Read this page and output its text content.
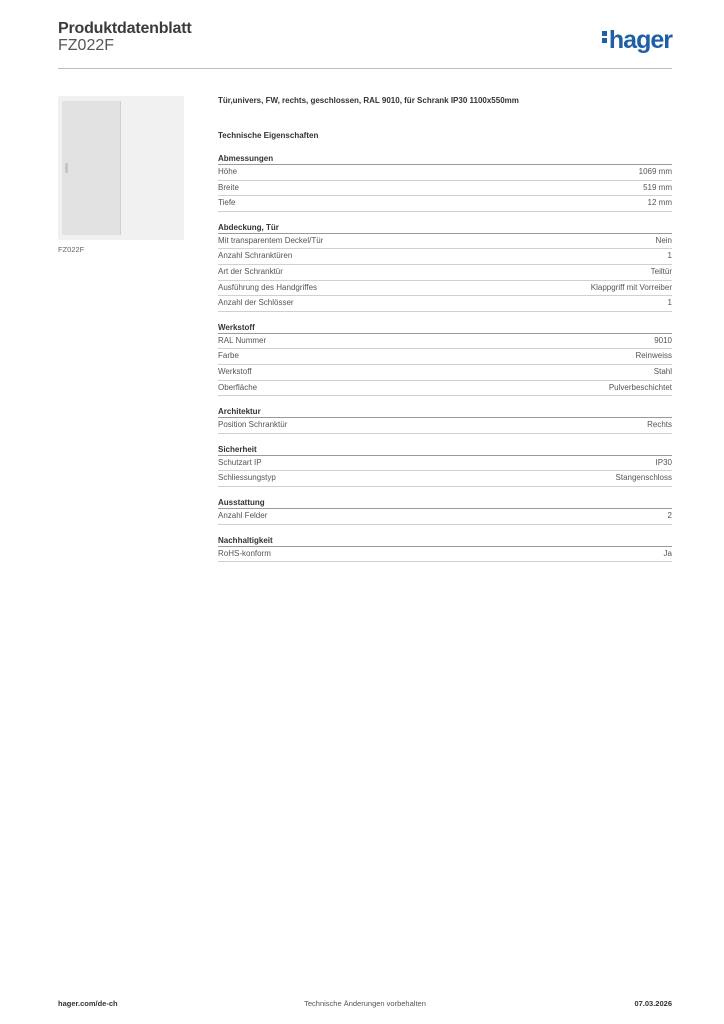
Produktdatenblatt
FZ022F	hager
FZ022F
Tür,univers, FW, rechts, geschlossen, RAL 9010, für Schrank IP30 1100x550mm
Technische Eigenschaften
Abmessungen
Höhe	1069 mm
Breite	519 mm
Tiefe	12 mm
Abdeckung, Tür
Mit transparentem Deckel/Tür	Nein
Anzahl Schranktüren	1
Art der Schranktür	Teiltür
Ausführung des Handgriffes	Klappgriff mit Vorreiber
Anzahl der Schlösser	1
Werkstoff
RAL Nummer	9010
Farbe	Reinweiss
Werkstoff	Stahl
Oberfläche	Pulverbeschichtet
Architektur
Position Schranktür	Rechts
Sicherheit
Schutzart IP	IP30
Schliessungstyp	Stangenschloss
Ausstattung
Anzahl Felder	2
Nachhaltigkeit
RoHS-konform	Ja
hager.com/de-ch	Technische Änderungen vorbehalten	07.03.2026
